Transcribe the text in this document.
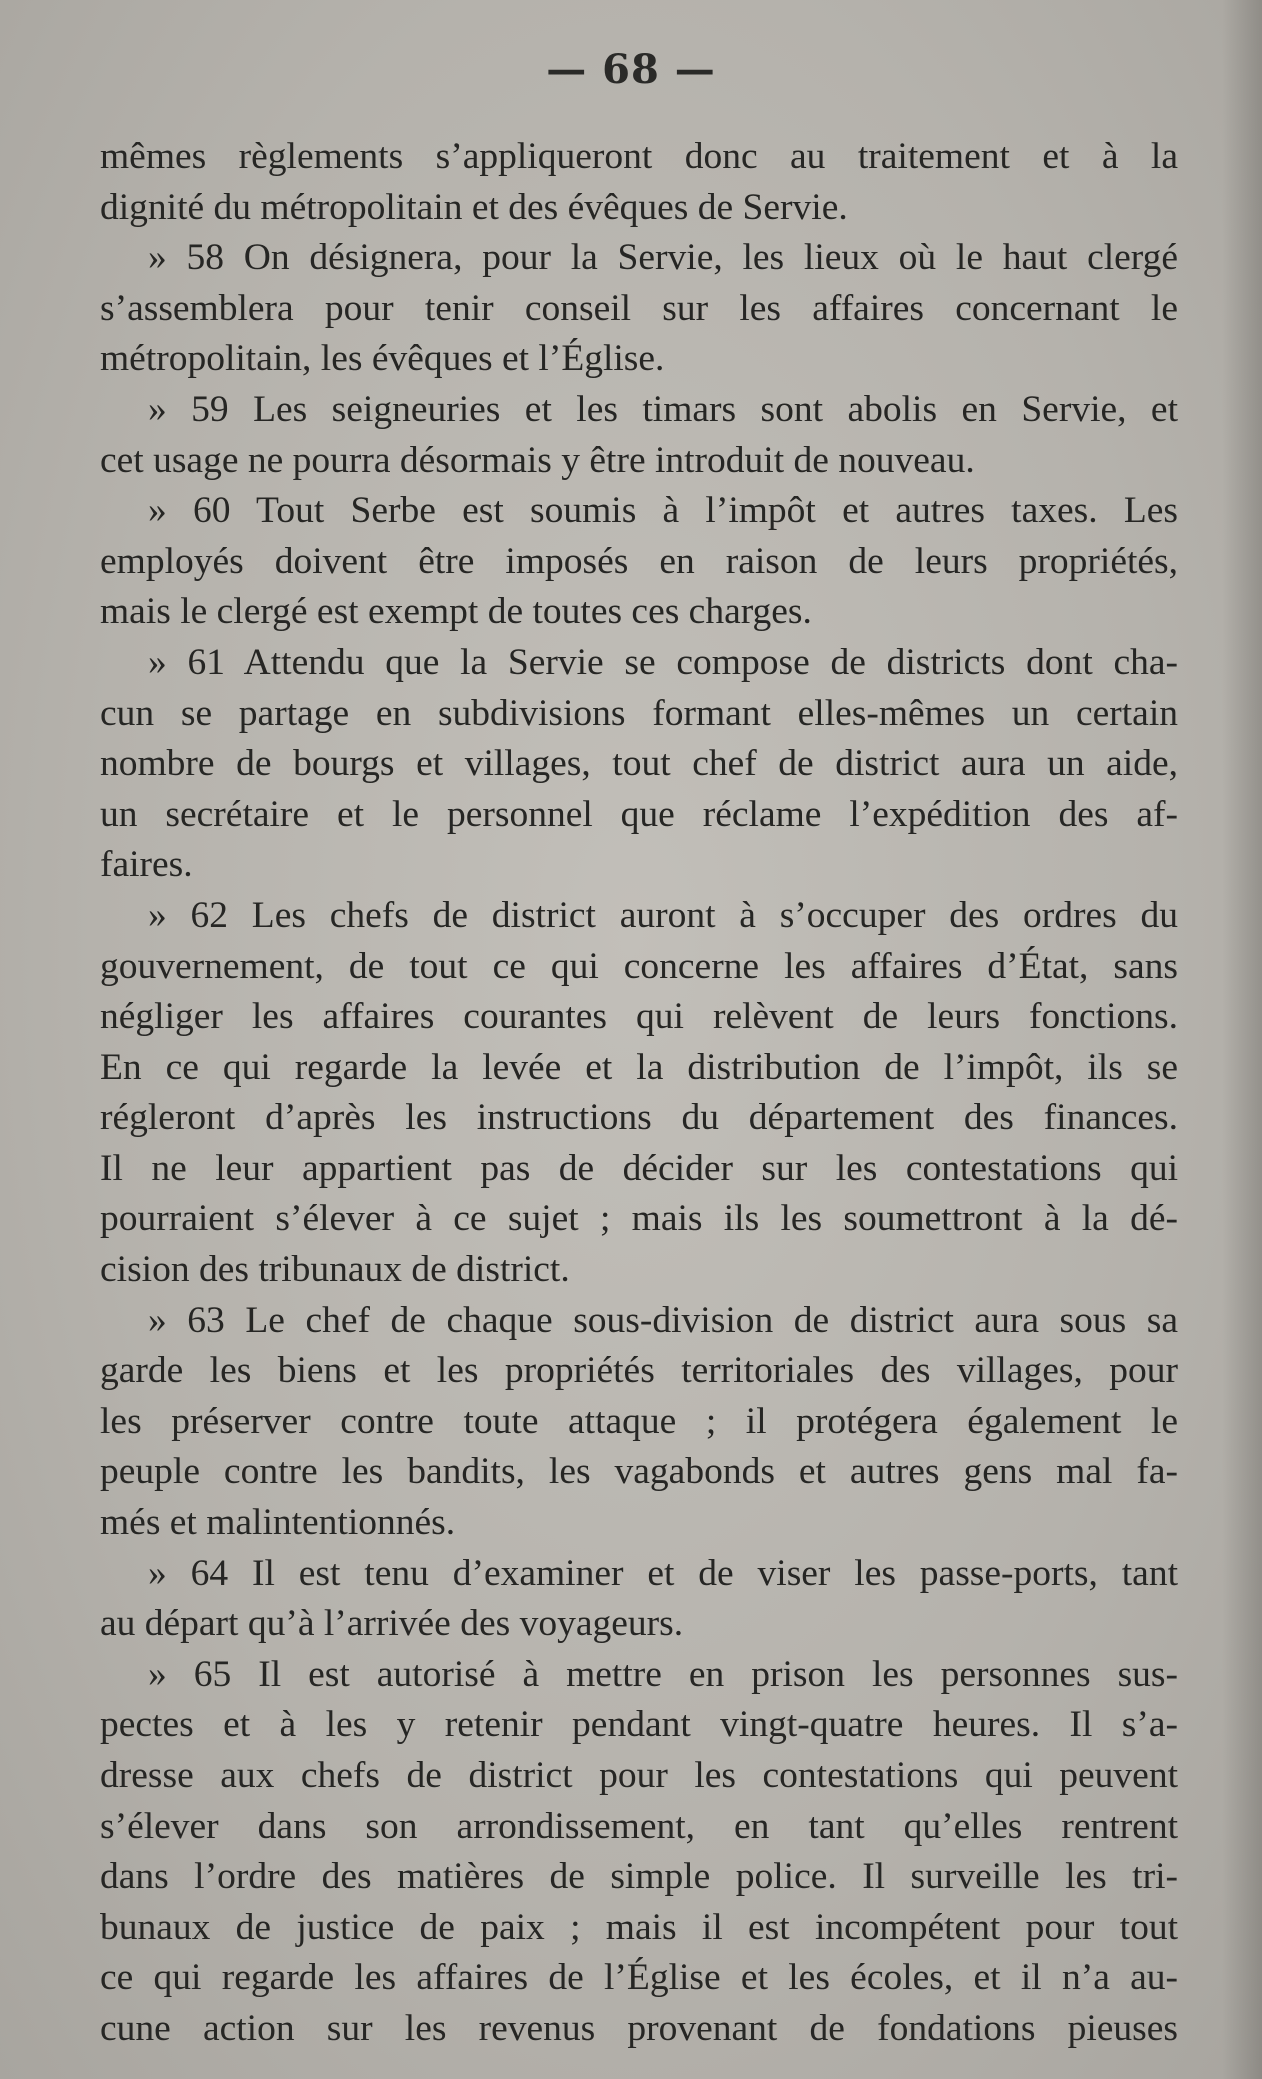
— 68 —
mêmes règlements s’appliqueront donc au traitement et à la
dignité du métropolitain et des évêques de Servie.
» 58 On désignera, pour la Servie, les lieux où le haut clergé
s’assemblera pour tenir conseil sur les affaires concernant le
métropolitain, les évêques et l’Église.
» 59 Les seigneuries et les timars sont abolis en Servie, et
cet usage ne pourra désormais y être introduit de nouveau.
» 60 Tout Serbe est soumis à l’impôt et autres taxes. Les
employés doivent être imposés en raison de leurs propriétés,
mais le clergé est exempt de toutes ces charges.
» 61 Attendu que la Servie se compose de districts dont cha-
cun se partage en subdivisions formant elles-mêmes un certain
nombre de bourgs et villages, tout chef de district aura un aide,
un secrétaire et le personnel que réclame l’expédition des af-
faires.
» 62 Les chefs de district auront à s’occuper des ordres du
gouvernement, de tout ce qui concerne les affaires d’État, sans
négliger les affaires courantes qui relèvent de leurs fonctions.
En ce qui regarde la levée et la distribution de l’impôt, ils se
régleront d’après les instructions du département des finances.
Il ne leur appartient pas de décider sur les contestations qui
pourraient s’élever à ce sujet ; mais ils les soumettront à la dé-
cision des tribunaux de district.
» 63 Le chef de chaque sous-division de district aura sous sa
garde les biens et les propriétés territoriales des villages, pour
les préserver contre toute attaque ; il protégera également le
peuple contre les bandits, les vagabonds et autres gens mal fa-
més et malintentionnés.
» 64 Il est tenu d’examiner et de viser les passe-ports, tant
au départ qu’à l’arrivée des voyageurs.
» 65 Il est autorisé à mettre en prison les personnes sus-
pectes et à les y retenir pendant vingt-quatre heures. Il s’a-
dresse aux chefs de district pour les contestations qui peuvent
s’élever dans son arrondissement, en tant qu’elles rentrent
dans l’ordre des matières de simple police. Il surveille les tri-
bunaux de justice de paix ; mais il est incompétent pour tout
ce qui regarde les affaires de l’Église et les écoles, et il n’a au-
cune action sur les revenus provenant de fondations pieuses
